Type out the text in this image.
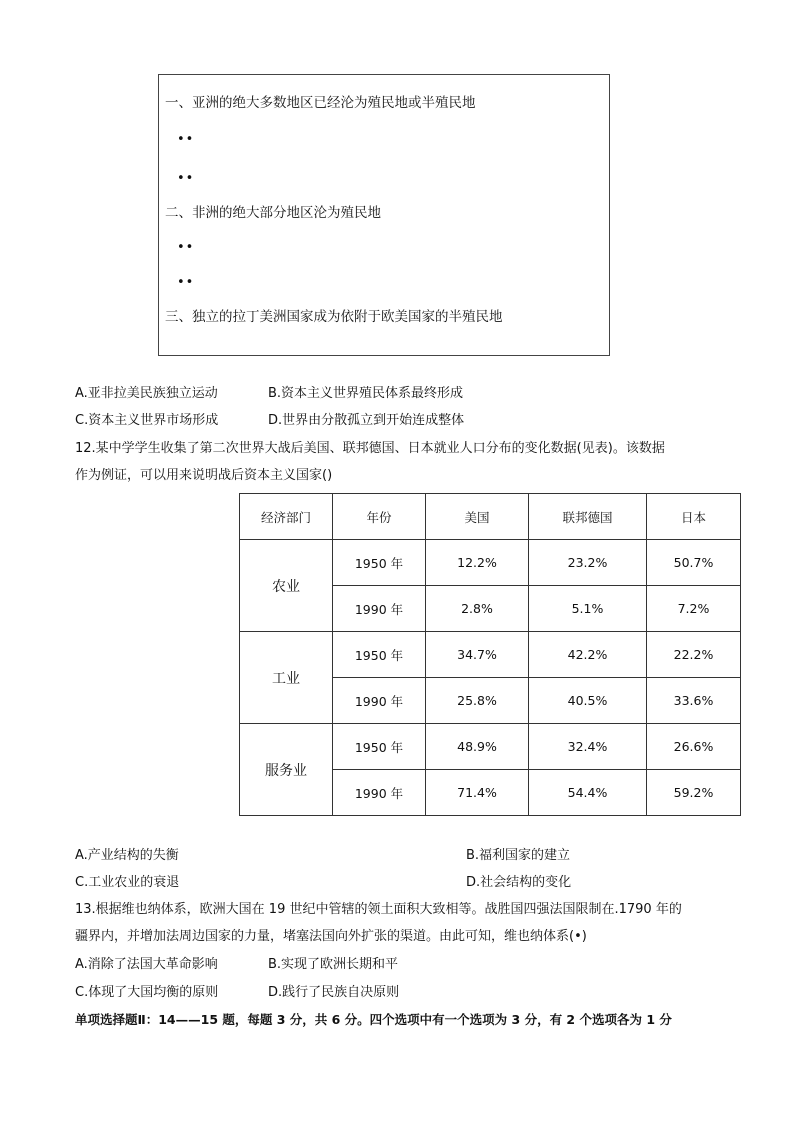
一、亚洲的绝大多数地区已经沦为殖民地或半殖民地
••
••
二、非洲的绝大部分地区沦为殖民地
••
••
三、独立的拉丁美洲国家成为依附于欧美国家的半殖民地
A.亚非拉美民族独立运动	B.资本主义世界殖民体系最终形成
C.资本主义世界市场形成	D.世界由分散孤立到开始连成整体
12.某中学学生收集了第二次世界大战后美国、联邦德国、日本就业人口分布的变化数据(见表)。该数据
作为例证，可以用来说明战后资本主义国家()
经济部门	年份	美国	联邦德国	日本
农业	1950 年	12.2%	23.2%	50.7%
	1990 年	2.8%	5.1%	7.2%
工业	1950 年	34.7%	42.2%	22.2%
	1990 年	25.8%	40.5%	33.6%
服务业	1950 年	48.9%	32.4%	26.6%
	1990 年	71.4%	54.4%	59.2%
A.产业结构的失衡	B.福利国家的建立
C.工业农业的衰退	D.社会结构的变化
13.根据维也纳体系，欧洲大国在 19 世纪中管辖的领土面积大致相等。战胜国四强法国限制在.1790 年的
疆界内，并增加法周边国家的力量，堵塞法国向外扩张的渠道。由此可知，维也纳体系(•)
A.消除了法国大革命影响	B.实现了欧洲长期和平
C.体现了大国均衡的原则	D.践行了民族自决原则
单项选择题Ⅱ：14——15 题，每题 3 分，共 6 分。四个选项中有一个选项为 3 分，有 2 个选项各为 1 分
